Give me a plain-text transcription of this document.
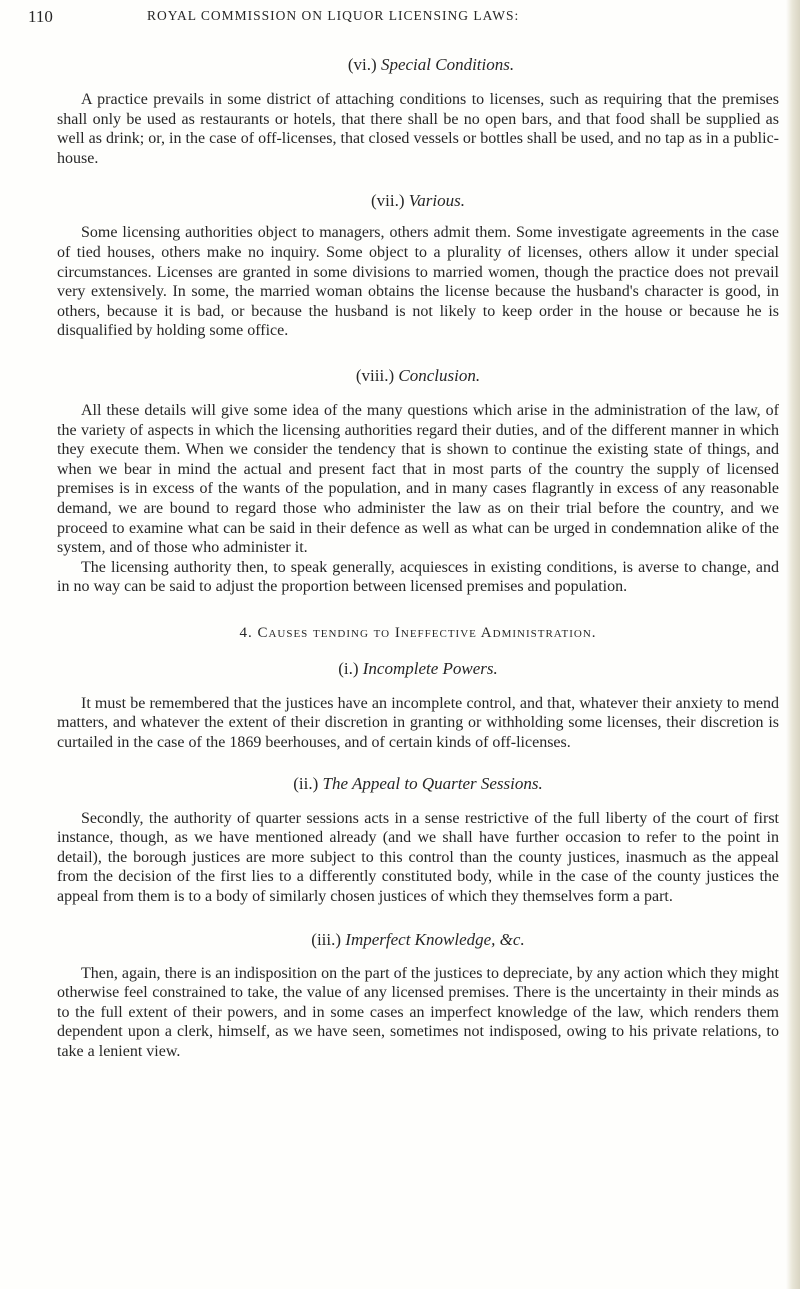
110	ROYAL COMMISSION ON LIQUOR LICENSING LAWS:
(vi.) Special Conditions.

A practice prevails in some district of attaching conditions to licenses, such as requiring that the premises shall only be used as restaurants or hotels, that there shall be no open bars, and that food shall be supplied as well as drink; or, in the case of off-licenses, that closed vessels or bottles shall be used, and no tap as in a public-house.

(vii.) Various.

Some licensing authorities object to managers, others admit them. Some investigate agreements in the case of tied houses, others make no inquiry. Some object to a plurality of licenses, others allow it under special circumstances. Licenses are granted in some divisions to married women, though the practice does not prevail very extensively. In some, the married woman obtains the license because the husband's character is good, in others, because it is bad, or because the husband is not likely to keep order in the house or because he is disqualified by holding some office.

(viii.) Conclusion.

All these details will give some idea of the many questions which arise in the administration of the law, of the variety of aspects in which the licensing authorities regard their duties, and of the different manner in which they execute them. When we consider the tendency that is shown to continue the existing state of things, and when we bear in mind the actual and present fact that in most parts of the country the supply of licensed premises is in excess of the wants of the population, and in many cases flagrantly in excess of any reasonable demand, we are bound to regard those who administer the law as on their trial before the country, and we proceed to examine what can be said in their defence as well as what can be urged in condemnation alike of the system, and of those who administer it.

The licensing authority then, to speak generally, acquiesces in existing conditions, is averse to change, and in no way can be said to adjust the proportion between licensed premises and population.

4. Causes tending to Ineffective Administration.
(i.) Incomplete Powers.

It must be remembered that the justices have an incomplete control, and that, whatever their anxiety to mend matters, and whatever the extent of their discretion in granting or withholding some licenses, their discretion is curtailed in the case of the 1869 beerhouses, and of certain kinds of off-licenses.

(ii.) The Appeal to Quarter Sessions.

Secondly, the authority of quarter sessions acts in a sense restrictive of the full liberty of the court of first instance, though, as we have mentioned already (and we shall have further occasion to refer to the point in detail), the borough justices are more subject to this control than the county justices, inasmuch as the appeal from the decision of the first lies to a differently constituted body, while in the case of the county justices the appeal from them is to a body of similarly chosen justices of which they themselves form a part.

(iii.) Imperfect Knowledge, &c.

Then, again, there is an indisposition on the part of the justices to depreciate, by any action which they might otherwise feel constrained to take, the value of any licensed premises. There is the uncertainty in their minds as to the full extent of their powers, and in some cases an imperfect knowledge of the law, which renders them dependent upon a clerk, himself, as we have seen, sometimes not indisposed, owing to his private relations, to take a lenient view.
